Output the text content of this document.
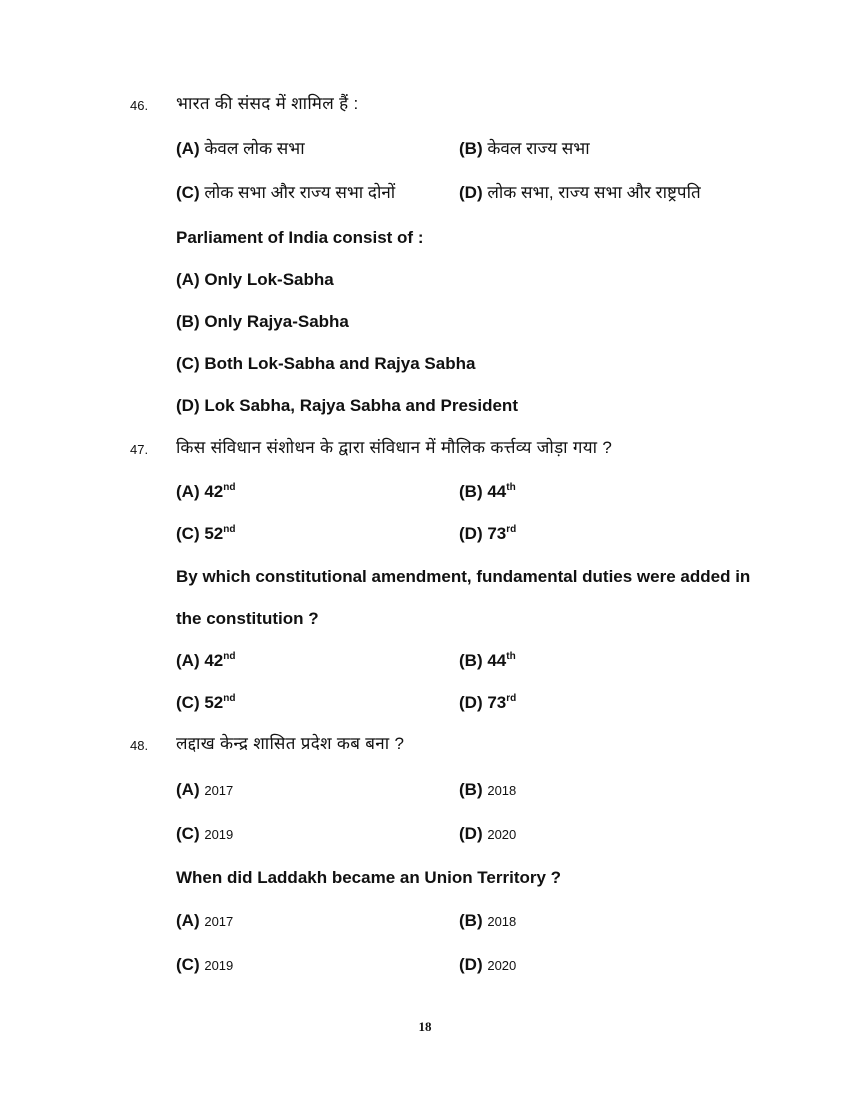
46. भारत की संसद में शामिल हैं :
(A) केवल लोक सभा	(B) केवल राज्य सभा
(C) लोक सभा और राज्य सभा दोनों	(D) लोक सभा, राज्य सभा और राष्ट्रपति
Parliament of India consist of :
(A) Only Lok-Sabha
(B) Only Rajya-Sabha
(C) Both Lok-Sabha and Rajya Sabha
(D) Lok Sabha, Rajya Sabha and President
47. किस संविधान संशोधन के द्वारा संविधान में मौलिक कर्त्तव्य जोड़ा गया ?
(A) 42nd	(B) 44th
(C) 52nd	(D) 73rd
By which constitutional amendment, fundamental duties were added in
the constitution ?
(A) 42nd	(B) 44th
(C) 52nd	(D) 73rd
48. लद्दाख केन्द्र शासित प्रदेश कब बना ?
(A) 2017	(B) 2018
(C) 2019	(D) 2020
When did Laddakh became an Union Territory ?
(A) 2017	(B) 2018
(C) 2019	(D) 2020
18
